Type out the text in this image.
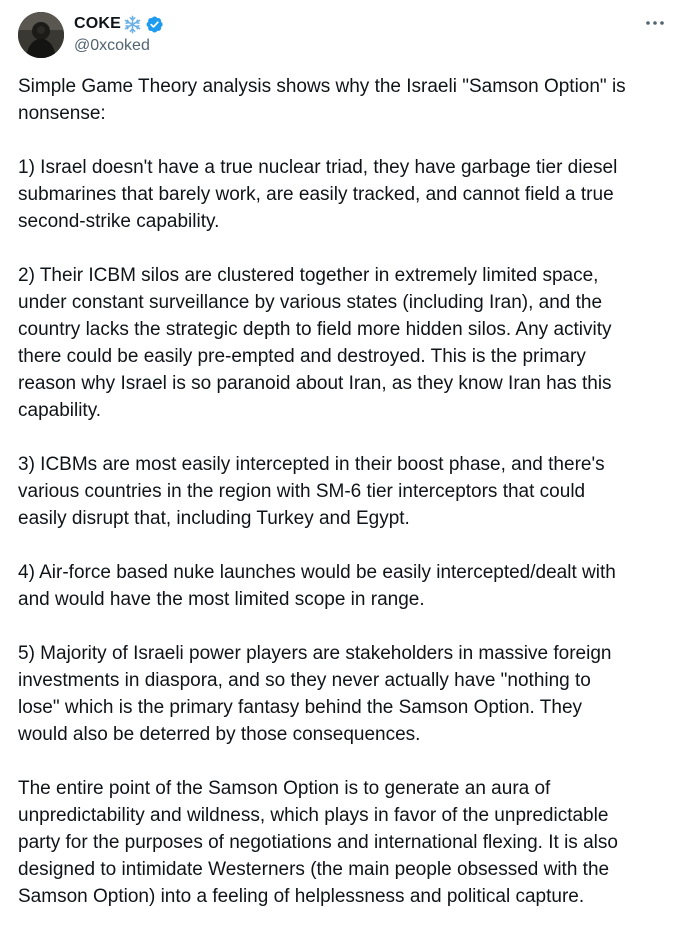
COKE
@0xcoked

Simple Game Theory analysis shows why the Israeli "Samson Option" is
nonsense:

1) Israel doesn't have a true nuclear triad, they have garbage tier diesel
submarines that barely work, are easily tracked, and cannot field a true
second-strike capability.

2) Their ICBM silos are clustered together in extremely limited space,
under constant surveillance by various states (including Iran), and the
country lacks the strategic depth to field more hidden silos. Any activity
there could be easily pre-empted and destroyed. This is the primary
reason why Israel is so paranoid about Iran, as they know Iran has this
capability.

3) ICBMs are most easily intercepted in their boost phase, and there's
various countries in the region with SM-6 tier interceptors that could
easily disrupt that, including Turkey and Egypt.

4) Air-force based nuke launches would be easily intercepted/dealt with
and would have the most limited scope in range.

5) Majority of Israeli power players are stakeholders in massive foreign
investments in diaspora, and so they never actually have "nothing to
lose" which is the primary fantasy behind the Samson Option. They
would also be deterred by those consequences.

The entire point of the Samson Option is to generate an aura of
unpredictability and wildness, which plays in favor of the unpredictable
party for the purposes of negotiations and international flexing. It is also
designed to intimidate Westerners (the main people obsessed with the
Samson Option) into a feeling of helplessness and political capture.
